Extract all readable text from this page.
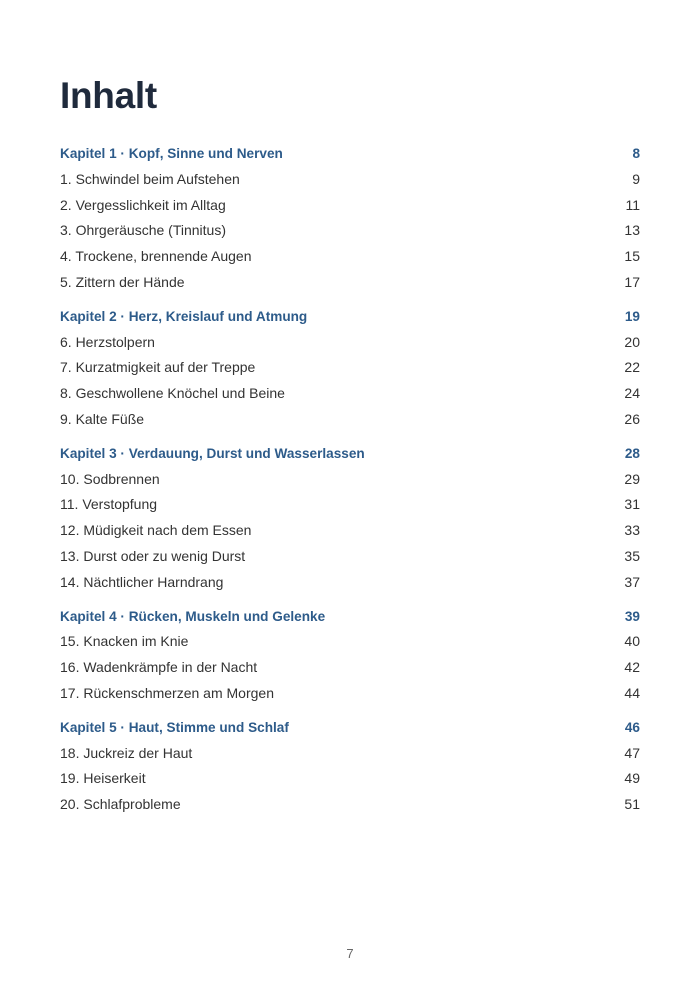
Inhalt
Kapitel 1 · Kopf, Sinne und Nerven	8
1. Schwindel beim Aufstehen	9
2. Vergesslichkeit im Alltag	11
3. Ohrgeräusche (Tinnitus)	13
4. Trockene, brennende Augen	15
5. Zittern der Hände	17
Kapitel 2 · Herz, Kreislauf und Atmung	19
6. Herzstolpern	20
7. Kurzatmigkeit auf der Treppe	22
8. Geschwollene Knöchel und Beine	24
9. Kalte Füße	26
Kapitel 3 · Verdauung, Durst und Wasserlassen	28
10. Sodbrennen	29
11. Verstopfung	31
12. Müdigkeit nach dem Essen	33
13. Durst oder zu wenig Durst	35
14. Nächtlicher Harndrang	37
Kapitel 4 · Rücken, Muskeln und Gelenke	39
15. Knacken im Knie	40
16. Wadenkrämpfe in der Nacht	42
17. Rückenschmerzen am Morgen	44
Kapitel 5 · Haut, Stimme und Schlaf	46
18. Juckreiz der Haut	47
19. Heiserkeit	49
20. Schlafprobleme	51
7
